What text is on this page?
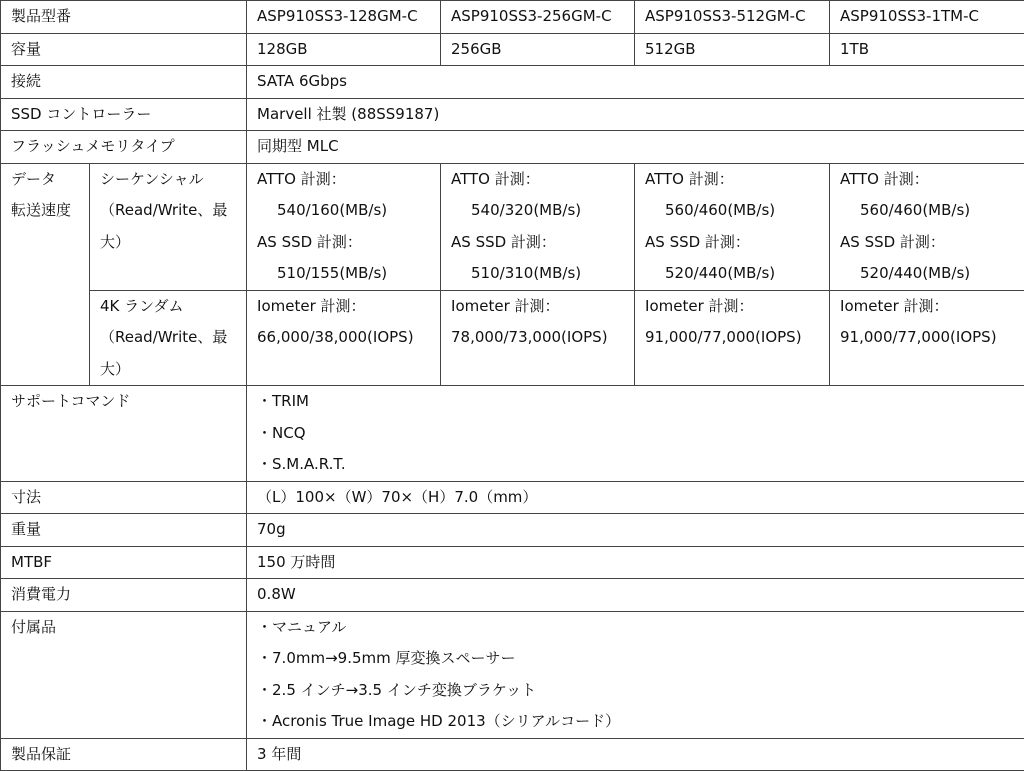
製品型番		ASP910SS3-128GM-C	ASP910SS3-256GM-C	ASP910SS3-512GM-C	ASP910SS3-1TM-C
容量		128GB	256GB	512GB	1TB
接続		SATA 6Gbps			
SSD コントローラー		Marvell 社製 (88SS9187)			
フラッシュメモリタイプ		同期型 MLC			

データ
転送速度	シーケンシャル
（Read/Write、最
大）	ATTO 計測：
540/160(MB/s)
AS SSD 計測：
510/155(MB/s)	ATTO 計測：
540/320(MB/s)
AS SSD 計測：
510/310(MB/s)	ATTO 計測：
560/460(MB/s)
AS SSD 計測：
520/440(MB/s)	ATTO 計測：
560/460(MB/s)
AS SSD 計測：
520/440(MB/s)

	4K ランダム
（Read/Write、最
大）	Iometer 計測：
66,000/38,000(IOPS)	Iometer 計測：
78,000/73,000(IOPS)	Iometer 計測：
91,000/77,000(IOPS)	Iometer 計測：
91,000/77,000(IOPS)

サポートコマンド		・TRIM
・NCQ
・S.M.A.R.T.			

寸法		（L）100×（W）70×（H）7.0（mm）			
重量		70g			
MTBF		150 万時間			
消費電力		0.8W			
付属品		・マニュアル
・7.0mm→9.5mm 厚変換スペーサー
・2.5 インチ→3.5 インチ変換ブラケット
・Acronis True Image HD 2013（シリアルコード）			

製品保証		3 年間			
